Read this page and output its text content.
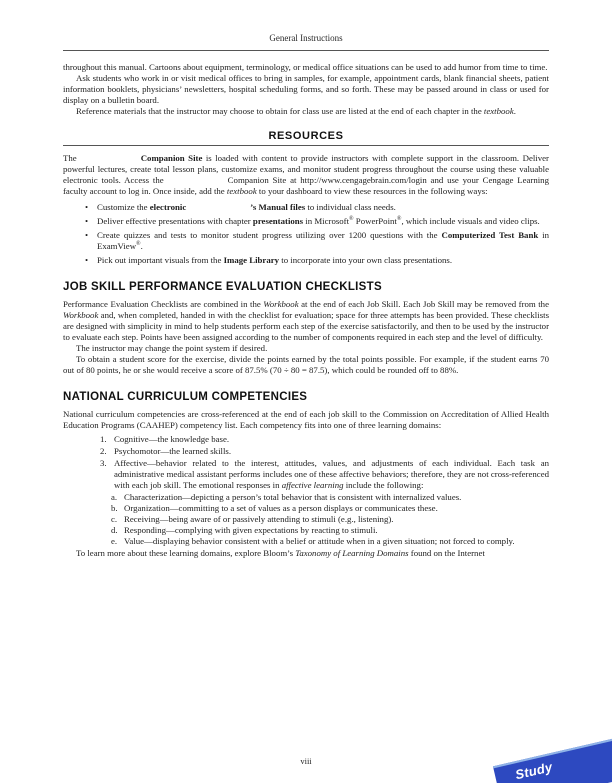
General Instructions

throughout this manual. Cartoons about equipment, terminology, or medical office situations can be used to add humor from time to time.

Ask students who work in or visit medical offices to bring in samples, for example, appointment cards, blank financial sheets, patient information booklets, physicians’ newsletters, hospital scheduling forms, and so forth. These may be passed around in class or used for display on a bulletin board.

Reference materials that the instructor may choose to obtain for class use are listed at the end of each chapter in the textbook.

RESOURCES

The	Companion Site is loaded with content to provide instructors with complete support in the classroom. Deliver powerful lectures, create total lesson plans, customize exams, and monitor student progress throughout the course using these valuable electronic tools. Access the	Companion Site at http://www.cengagebrain.com/login and use your Cengage Learning faculty account to log in. Once inside, add the textbook to your dashboard to view these resources in the following ways:

•	Customize the electronic	’s Manual files to individual class needs.
•	Deliver effective presentations with chapter presentations in Microsoft® PowerPoint®, which include visuals and video clips.
•	Create quizzes and tests to monitor student progress utilizing over 1200 questions with the Computerized Test Bank in ExamView®.
•	Pick out important visuals from the Image Library to incorporate into your own class presentations.
JOB SKILL PERFORMANCE EVALUATION CHECKLISTS

Performance Evaluation Checklists are combined in the Workbook at the end of each Job Skill. Each Job Skill may be removed from the Workbook and, when completed, handed in with the checklist for evaluation; space for three attempts has been provided. These checklists are designed with simplicity in mind to help students perform each step of the exercise satisfactorily, and then to be used by the instructor to evaluate each step. Points have been assigned according to the number of components required in each step and the level of difficulty.

The instructor may change the point system if desired.

To obtain a student score for the exercise, divide the points earned by the total points possible. For example, if the student earns 70 out of 80 points, he or she would receive a score of 87.5% (70 ÷ 80 = 87.5), which could be rounded off to 88%.

NATIONAL CURRICULUM COMPETENCIES

National curriculum competencies are cross-referenced at the end of each job skill to the Commission on Accreditation of Allied Health Education Programs (CAAHEP) competency list. Each competency fits into one of three learning domains:

1. Cognitive—the knowledge base.
2. Psychomotor—the learned skills.
3. Affective—behavior related to the interest, attitudes, values, and adjustments of each individual. Each task an administrative medical assistant performs includes one of these affective behaviors; therefore, they are not cross-referenced with each job skill. The emotional responses in affective learning include the following:
a. Characterization—depicting a person’s total behavior that is consistent with internalized values.
b. Organization—committing to a set of values as a person displays or communicates these.
c. Receiving—being aware of or passively attending to stimuli (e.g., listening).
d. Responding—complying with given expectations by reacting to stimuli.
e. Value—displaying behavior consistent with a belief or attitude when in a given situation; not forced to comply.

To learn more about these learning domains, explore Bloom’s Taxonomy of Learning Domains found on the Internet

viii	Study
